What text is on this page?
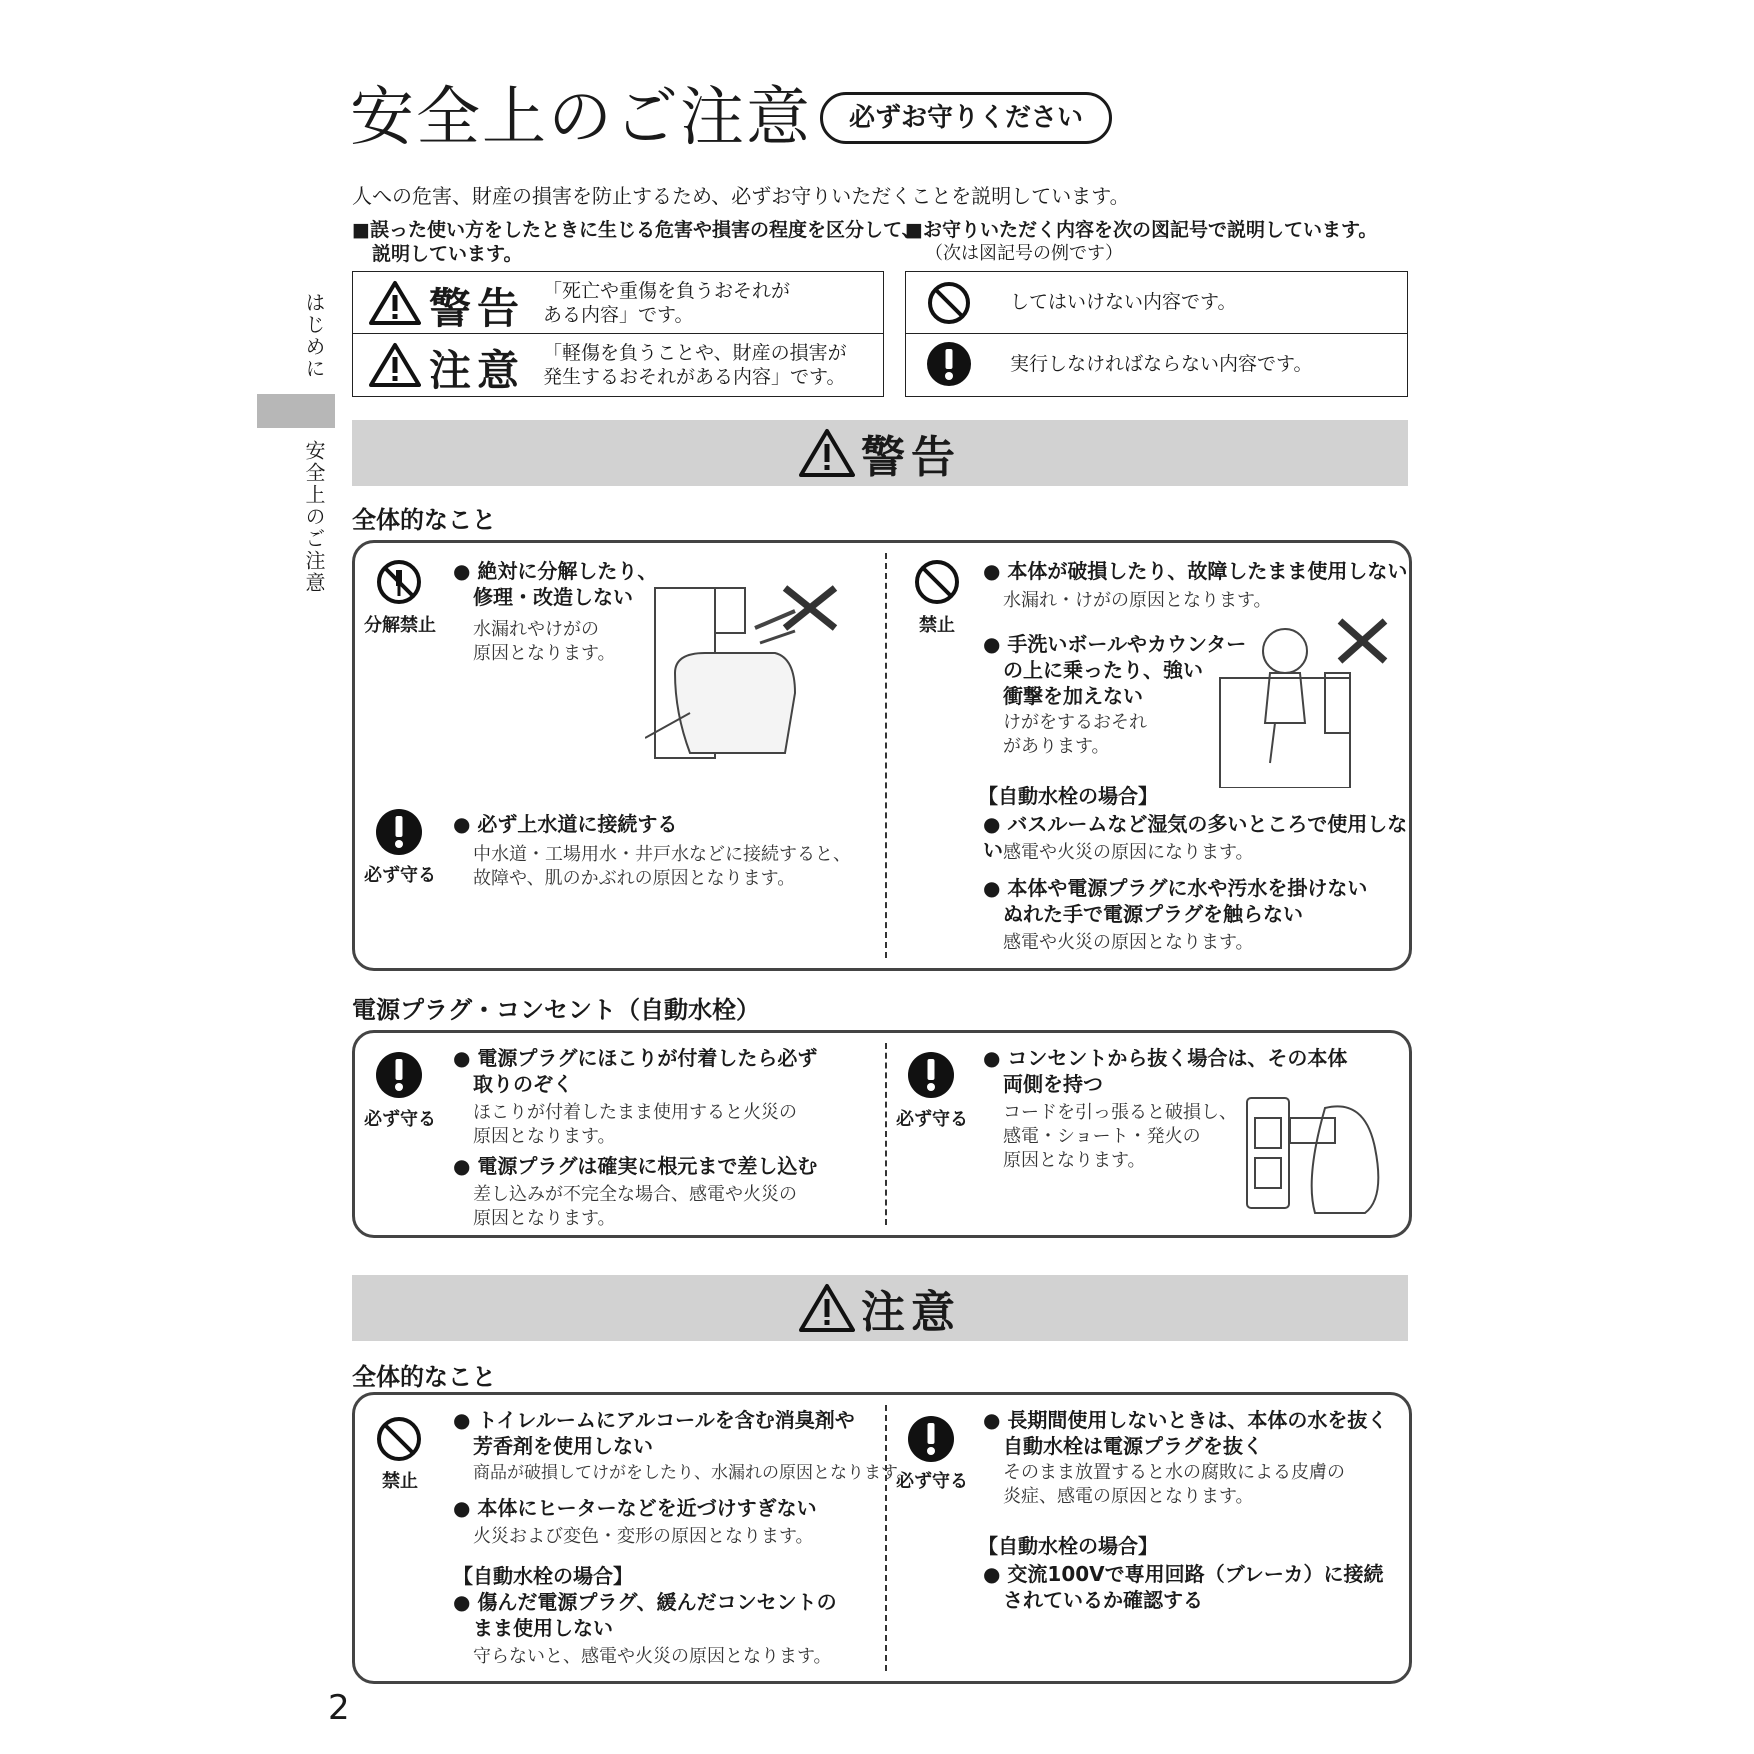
安全上のご注意	必ずお守りください
人への危害、財産の損害を防止するため、必ずお守りいただくことを説明しています。
■誤った使い方をしたときに生じる危害や損害の程度を区分して、
説明しています。
■お守りいただく内容を次の図記号で説明しています。
（次は図記号の例です）
警告 「死亡や重傷を負うおそれが
ある内容」です。
注意 「軽傷を負うことや、財産の損害が
発生するおそれがある内容」です。
してはいけない内容です。
実行しなければならない内容です。
はじめに
安全上のご注意	警告
全体的なこと
分解禁止
● 絶対に分解したり、
修理・改造しない
水漏れやけがの
原因となります。
必ず守る
● 必ず上水道に接続する
中水道・工場用水・井戸水などに接続すると、
故障や、肌のかぶれの原因となります。
禁止
● 本体が破損したり、故障したまま使用しない
水漏れ・けがの原因となります。
● 手洗いボールやカウンター
の上に乗ったり、強い
衝撃を加えない
けがをするおそれ
があります。
【自動水栓の場合】
● バスルームなど湿気の多いところで使用しない 感電や火災の原因になります。
● 本体や電源プラグに水や汚水を掛けない
ぬれた手で電源プラグを触らない
感電や火災の原因となります。
電源プラグ・コンセント（自動水栓）
必ず守る
● 電源プラグにほこりが付着したら必ず
取りのぞく
ほこりが付着したまま使用すると火災の
原因となります。
● 電源プラグは確実に根元まで差し込む
差し込みが不完全な場合、感電や火災の
原因となります。
必ず守る
● コンセントから抜く場合は、その本体
両側を持つ
コードを引っ張ると破損し、
感電・ショート・発火の
原因となります。
注意
全体的なこと
禁止
● トイレルームにアルコールを含む消臭剤や
芳香剤を使用しない
商品が破損してけがをしたり、水漏れの原因となります。
● 本体にヒーターなどを近づけすぎない
火災および変色・変形の原因となります。
【自動水栓の場合】
● 傷んだ電源プラグ、緩んだコンセントの
まま使用しない
守らないと、感電や火災の原因となります。
必ず守る
● 長期間使用しないときは、本体の水を抜く
自動水栓は電源プラグを抜く
そのまま放置すると水の腐敗による皮膚の
炎症、感電の原因となります。
【自動水栓の場合】
● 交流100Vで専用回路（ブレーカ）に接続
されているか確認する
2
